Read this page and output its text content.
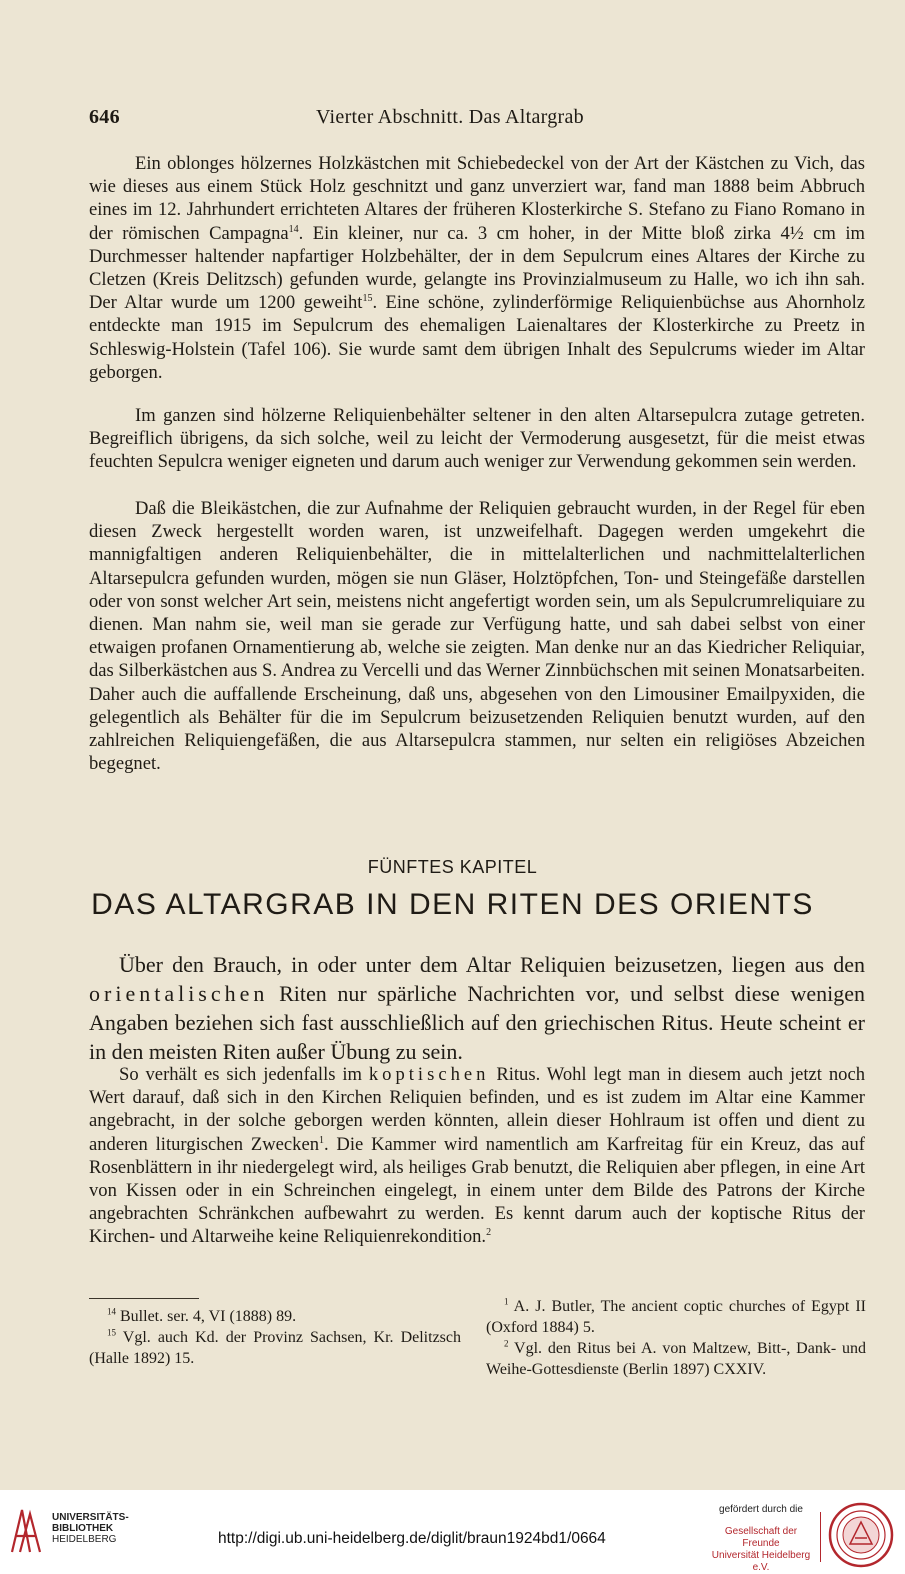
646	Vierter Abschnitt. Das Altargrab

Ein oblonges hölzernes Holzkästchen mit Schiebedeckel von der Art der Kästchen zu Vich, das wie dieses aus einem Stück Holz geschnitzt und ganz unverziert war, fand man 1888 beim Abbruch eines im 12. Jahrhundert errichteten Altares der früheren Klosterkirche S. Stefano zu Fiano Romano in der römischen Campagna$^{14}$. Ein kleiner, nur ca. 3 cm hoher, in der Mitte bloß zirka 4½ cm im Durchmesser haltender napfartiger Holzbehälter, der in dem Sepulcrum eines Altares der Kirche zu Cletzen (Kreis Delitzsch) gefunden wurde, gelangte ins Provinzialmuseum zu Halle, wo ich ihn sah. Der Altar wurde um 1200 geweiht$^{15}$. Eine schöne, zylinderförmige Reliquienbüchse aus Ahornholz entdeckte man 1915 im Sepulcrum des ehemaligen Laienaltares der Klosterkirche zu Preetz in Schleswig-Holstein (Tafel 106). Sie wurde samt dem übrigen Inhalt des Sepulcrums wieder im Altar geborgen.

Im ganzen sind hölzerne Reliquienbehälter seltener in den alten Altarsepulcra zutage getreten. Begreiflich übrigens, da sich solche, weil zu leicht der Vermoderung ausgesetzt, für die meist etwas feuchten Sepulcra weniger eigneten und darum auch weniger zur Verwendung gekommen sein werden.

Daß die Bleikästchen, die zur Aufnahme der Reliquien gebraucht wurden, in der Regel für eben diesen Zweck hergestellt worden waren, ist unzweifelhaft. Dagegen werden umgekehrt die mannigfaltigen anderen Reliquienbehälter, die in mittelalterlichen und nachmittelalterlichen Altarsepulcra gefunden wurden, mögen sie nun Gläser, Holztöpfchen, Ton- und Steingefäße darstellen oder von sonst welcher Art sein, meistens nicht angefertigt worden sein, um als Sepulcrumreliquiare zu dienen. Man nahm sie, weil man sie gerade zur Verfügung hatte, und sah dabei selbst von einer etwaigen profanen Ornamentierung ab, welche sie zeigten. Man denke nur an das Kiedricher Reliquiar, das Silberkästchen aus S. Andrea zu Vercelli und das Werner Zinnbüchschen mit seinen Monatsarbeiten. Daher auch die auffallende Erscheinung, daß uns, abgesehen von den Limousiner Emailpyxiden, die gelegentlich als Behälter für die im Sepulcrum beizusetzenden Reliquien benutzt wurden, auf den zahlreichen Reliquiengefäßen, die aus Altarsepulcra stammen, nur selten ein religiöses Abzeichen begegnet.

FÜNFTES KAPITEL
DAS ALTARGRAB IN DEN RITEN DES ORIENTS

Über den Brauch, in oder unter dem Altar Reliquien beizusetzen, liegen aus den orientalischen Riten nur spärliche Nachrichten vor, und selbst diese wenigen Angaben beziehen sich fast ausschließlich auf den griechischen Ritus. Heute scheint er in den meisten Riten außer Übung zu sein.

So verhält es sich jedenfalls im koptischen Ritus. Wohl legt man in diesem auch jetzt noch Wert darauf, daß sich in den Kirchen Reliquien befinden, und es ist zudem im Altar eine Kammer angebracht, in der solche geborgen werden könnten, allein dieser Hohlraum ist offen und dient zu anderen liturgischen Zwecken$^1$. Die Kammer wird namentlich am Karfreitag für ein Kreuz, das auf Rosenblättern in ihr niedergelegt wird, als heiliges Grab benutzt, die Reliquien aber pflegen, in eine Art von Kissen oder in ein Schreinchen eingelegt, in einem unter dem Bilde des Patrons der Kirche angebrachten Schränkchen aufbewahrt zu werden. Es kennt darum auch der koptische Ritus der Kirchen- und Altarweihe keine Reliquienrekondition.$^2$

$^{14}$ Bullet. ser. 4, VI (1888) 89.
$^{15}$ Vgl. auch Kd. der Provinz Sachsen, Kr. Delitzsch (Halle 1892) 15.

$^1$ A. J. Butler, The ancient coptic churches of Egypt II (Oxford 1884) 5.
$^2$ Vgl. den Ritus bei A. von Maltzew, Bitt-, Dank- und Weihe-Gottesdienste (Berlin 1897) CXXIV.

UNIVERSITÄTS-
BIBLIOTHEK
HEIDELBERG	http://digi.ub.uni-heidelberg.de/diglit/braun1924bd1/0664
gefördert durch die
Gesellschaft der Freunde
Universität Heidelberg e.V.
